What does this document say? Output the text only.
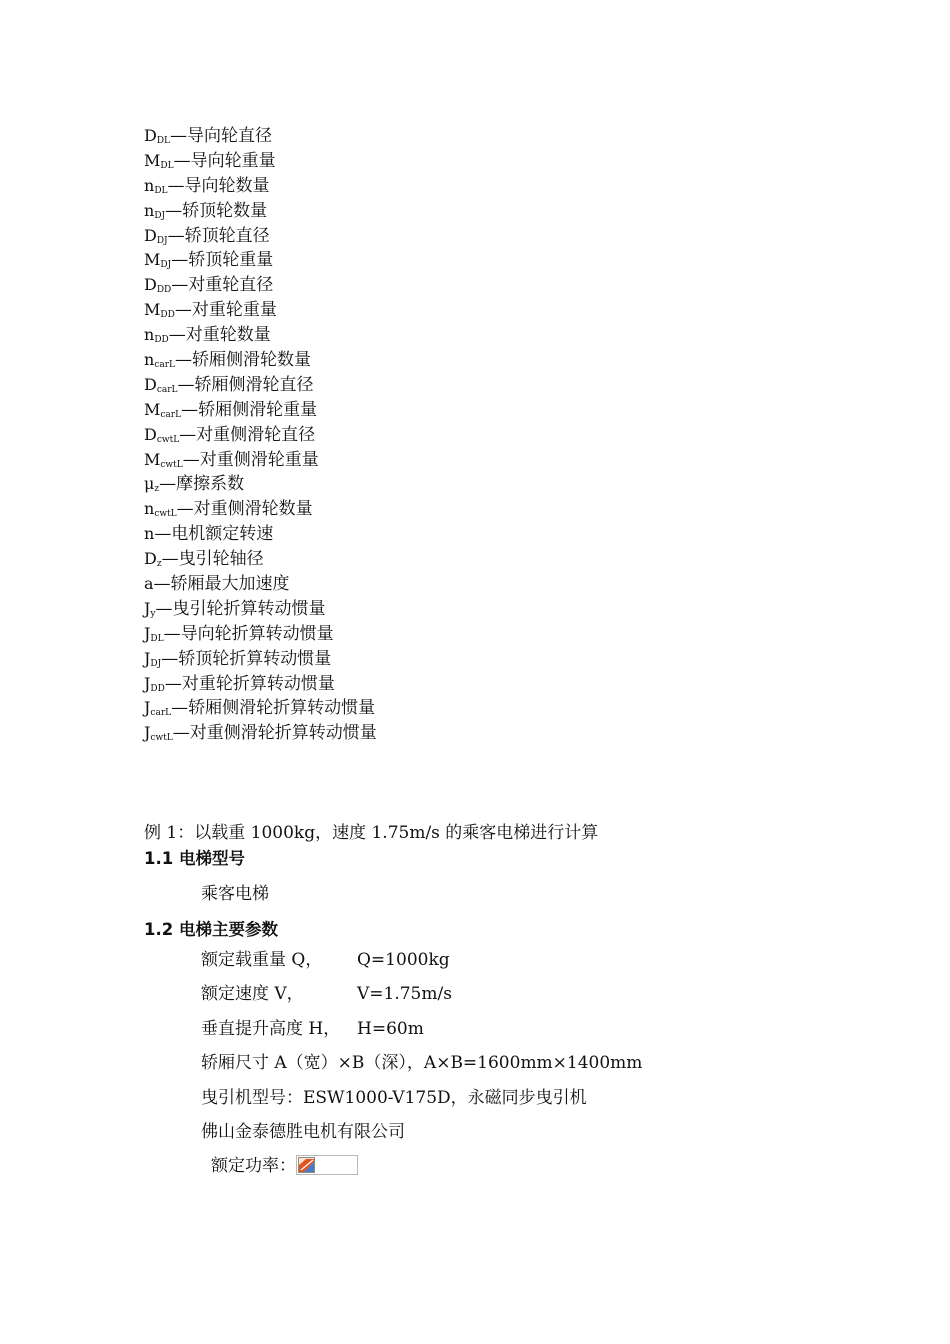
$D_{DL}—$导向轮直径
$M_{DL}—$导向轮重量
$n_{DL}—$导向轮数量
$n_{DJ}—$轿顶轮数量
$D_{DJ}—$轿顶轮直径
$M_{DJ}—$轿顶轮重量
$D_{DD}—$对重轮直径
$M_{DD}—$对重轮重量
$n_{DD}—$对重轮数量
$n_{carL}—$轿厢侧滑轮数量
$D_{carL}—$轿厢侧滑轮直径
$M_{carL}—$轿厢侧滑轮重量
$D_{cwtL}—$对重侧滑轮直径
$M_{cwtL}—$对重侧滑轮重量
$\mu_z—$摩擦系数
$n_{cwtL}—$对重侧滑轮数量
n—电机额定转速
$D_z—$曳引轮轴径
a—轿厢最大加速度
$J_y—$曳引轮折算转动惯量
$J_{DL}—$导向轮折算转动惯量
$J_{DJ}—$轿顶轮折算转动惯量
$J_{DD}—$对重轮折算转动惯量
$J_{carL}—$轿厢侧滑轮折算转动惯量
$J_{cwtL}—$对重侧滑轮折算转动惯量
例 1：以载重 1000kg，速度 1.75m/s 的乘客电梯进行计算
1.1 电梯型号
乘客电梯
1.2 电梯主要参数
额定载重量 Q， Q=1000kg
额定速度 V，	V=1.75m/s
垂直提升高度 H， H=60m
轿厢尺寸 A（宽）×B（深），A×B=1600mm×1400mm
曳引机型号：ESW1000-V175D，永磁同步曳引机
佛山金泰德胜电机有限公司
额定功率：
